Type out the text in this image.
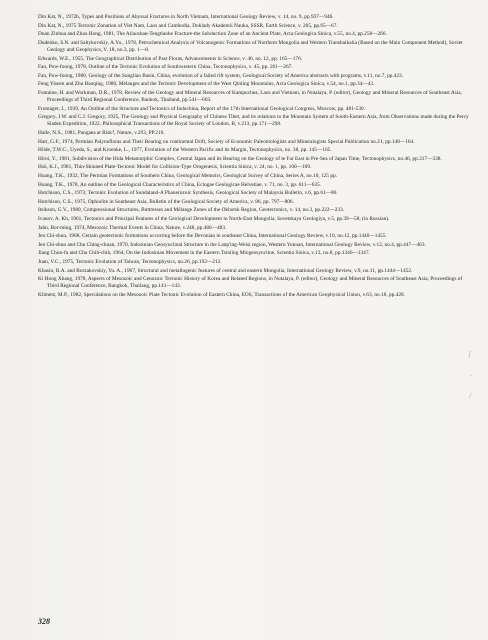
Din Kat, N., 1972b, Types and Positions of Abyssal Fractures in North Vietnam, International Geology Review, v. 14, no. 9, pp.937—946.

Din Kat, N., 1975 Tectonic Zonation of Viet Nam, Laos and Cambodia, Doklady Akademii Nauka, SSSR, Earth Science, v. 205, pp.65—67.

Duan Zinhua and Zhao Hong, 1981, The Ailaoshan-Tengtiaohe Fracture-the Subduction Zone of an Ancient Plate, Acta Geologica Sinica, v.55, no.4, pp.258—266.

Dudenko, S.N. and Saltykovskiy, A.Yu., 1978, Petrochemical Analysis of Volcanogenic Formations of Northern Mongolia and Western Transbaikalia (Based on the Main Component Method), Soviet Geology and Geophysics, V. 18, no.3, pp. 1—8.

Edwards, W.E., 1955, The Geographical Distribution of Past Floras, Advancements in Science, v. 46, no. 12, pp. 165—176.

Fan, Pow-foong, 1978, Outline of the Tectonic Evolution of Southwestern China, Tectonophysics, v. 45, pp. 261—267.

Fan, Pow-foong, 1980, Geology of the Sungliao Basin, China, evolution of a failed rift system, Geological Society of America abstracts with programs, v.11, no.7, pp.423.

Feng Yiseen and Zhu Baoqing, 1980, Mélanges and the Tectonic Development of the West Qinling Mountains, Acta Geologica Sinica, v.54, no.1, pp.34—43.

Fontaine, H. and Workman, D.R., 1978, Review of the Geology and Mineral Resources of Kampuchea, Laos and Vietnam, in Nutalaya, P. (editor), Geology and Mineral Resources of Southeast Asia, Proceedings of Third Regional Conference, Bankok, Thailand, pp.541—603.

Fromaget, J., 1939, An Outline of the Structure and Tectonics of Indochina, Report of the 17th International Geological Congress, Moscow, pp. 481-530.

Gregory, J.W. and C.J. Gregory, 1925, The Geology and Physical Geography of Chinese Tibet, and its relations to the Mountain System of South-Eastern Asia, from Observations made during the Percy Sladen Expedition, 1922, Philosophical Transactions of the Royal Society of London, B, v.213, pp.171—298.

Haile, N.S., 1981, Pangaea at Risk?, Nature, v.293, PP.210.

Hart, G.F., 1974, Permian Palynofloras and Their Bearing on continental Drift, Society of Economic Paleontologists and Mineralogists Special Publication no.21, pp.148—164.

Hilde, T.W.C., Uyeda, S., and Kroenke, L., 1977, Evolution of the Western Pacific and its Margin, Tectonophysics, no. 38, pp. 145—165.

Hiroi, Y., 1981, Subdivision of the Hida Metamorphic Complex, Central Japan and its Bearing on the Geology of te Far East in Pre-Sea of Japan Time, Tectonophysics, no.46, pp.317—338.

Hsü, K.J., 1981, Thin-Skinned Plate-Tectonic Model for Collision-Type Orogenesis, Scientia Sinica, v. 24, no. 1, pp. 100—109.

Huang, T.K., 1932, The Permian Formations of Southern China, Geological Memoirs, Geological Survey of China, Series A, no.10, 125 pp.

Huang, T.K., 1978, An outline of the Geological Characteristics of China, Eclogae Geologicae Helvetiae, v. 71, no. 3, pp. 611—635.

Hutchison, C.S., 1973, Tectonic Evolution of Sundaland-A Phanerozoic Synthesis, Geological Society of Malaysia Bulletin, v.6, pp.61—86.

Hutchison, C.S., 1975, Ophiolite in Southeast Asia, Bulletin of the Geological Society of America, v. 86, pp. 797—806.

Itsikson, G.V., 1980, Compressional Structures, Buttresses and Mélange Zones of the Okhotsk Region, Geotectonics, v. 14, no.3, pp.222—233.

Ivanov, A. Kh, 1961, Tectonics and Principal Features of the Geological Development in North-East Mongolia, Sovetskaya Geologiya, v.5, pp.39—58, (in Russian).

Jahn, Bor-ming, 1974, Mesozoic Thermal Events in China, Nature, v.248, pp.480—483.

Jen Chi-shun, 1968, Certain geotectonic formations occurring before the Devonian in southeast China, International Geology Review, v.10, no.12, pp.1440—1455.

Jen Chi-shun and Chu Ching-chuan, 1970, Indosinian Geosynclinal Structure in the Lanp'ing-Weisi region, Western Yunnan, International Geology Review, v.12, no.4, pp.447—463.

Jiang Chun-fa and Chu Chih-chih, 1964, On the Indosinian Movement in the Eastern Tsinling Miogeosyncline, Scientia Sinica, v.13, no.8, pp.1346—1347.

Juan, V.C., 1975, Tectonic Evolution of Taiwan, Tectonophysics, no.26, pp.192—212.

Khasin, R.A. and Borzakovskiy, Yu. A., 1967, Structural and metallogenic features of central and eastern Mongolia, International Geology Review, v.9, no.11, pp.1444—1452.

Ki Hong Xhang, 1978, Aspects of Mesozoic and Cenozoic Tectonic History of Korea and Related Regions, in Nutalaya, P. (editor), Geology and Mineral Resources of Southeast Asia, Proceedings of Third Regional Conference, Bangkok, Thailang, pp.141—143.

Klimetz, M.P., 1982, Speculations on the Mesozoic Plate Tectonic Evolution of Eastern China, EOS, Transactions of the American Geophysical Union, v.63, no.18, pp.428.

328
∫
·
∕
